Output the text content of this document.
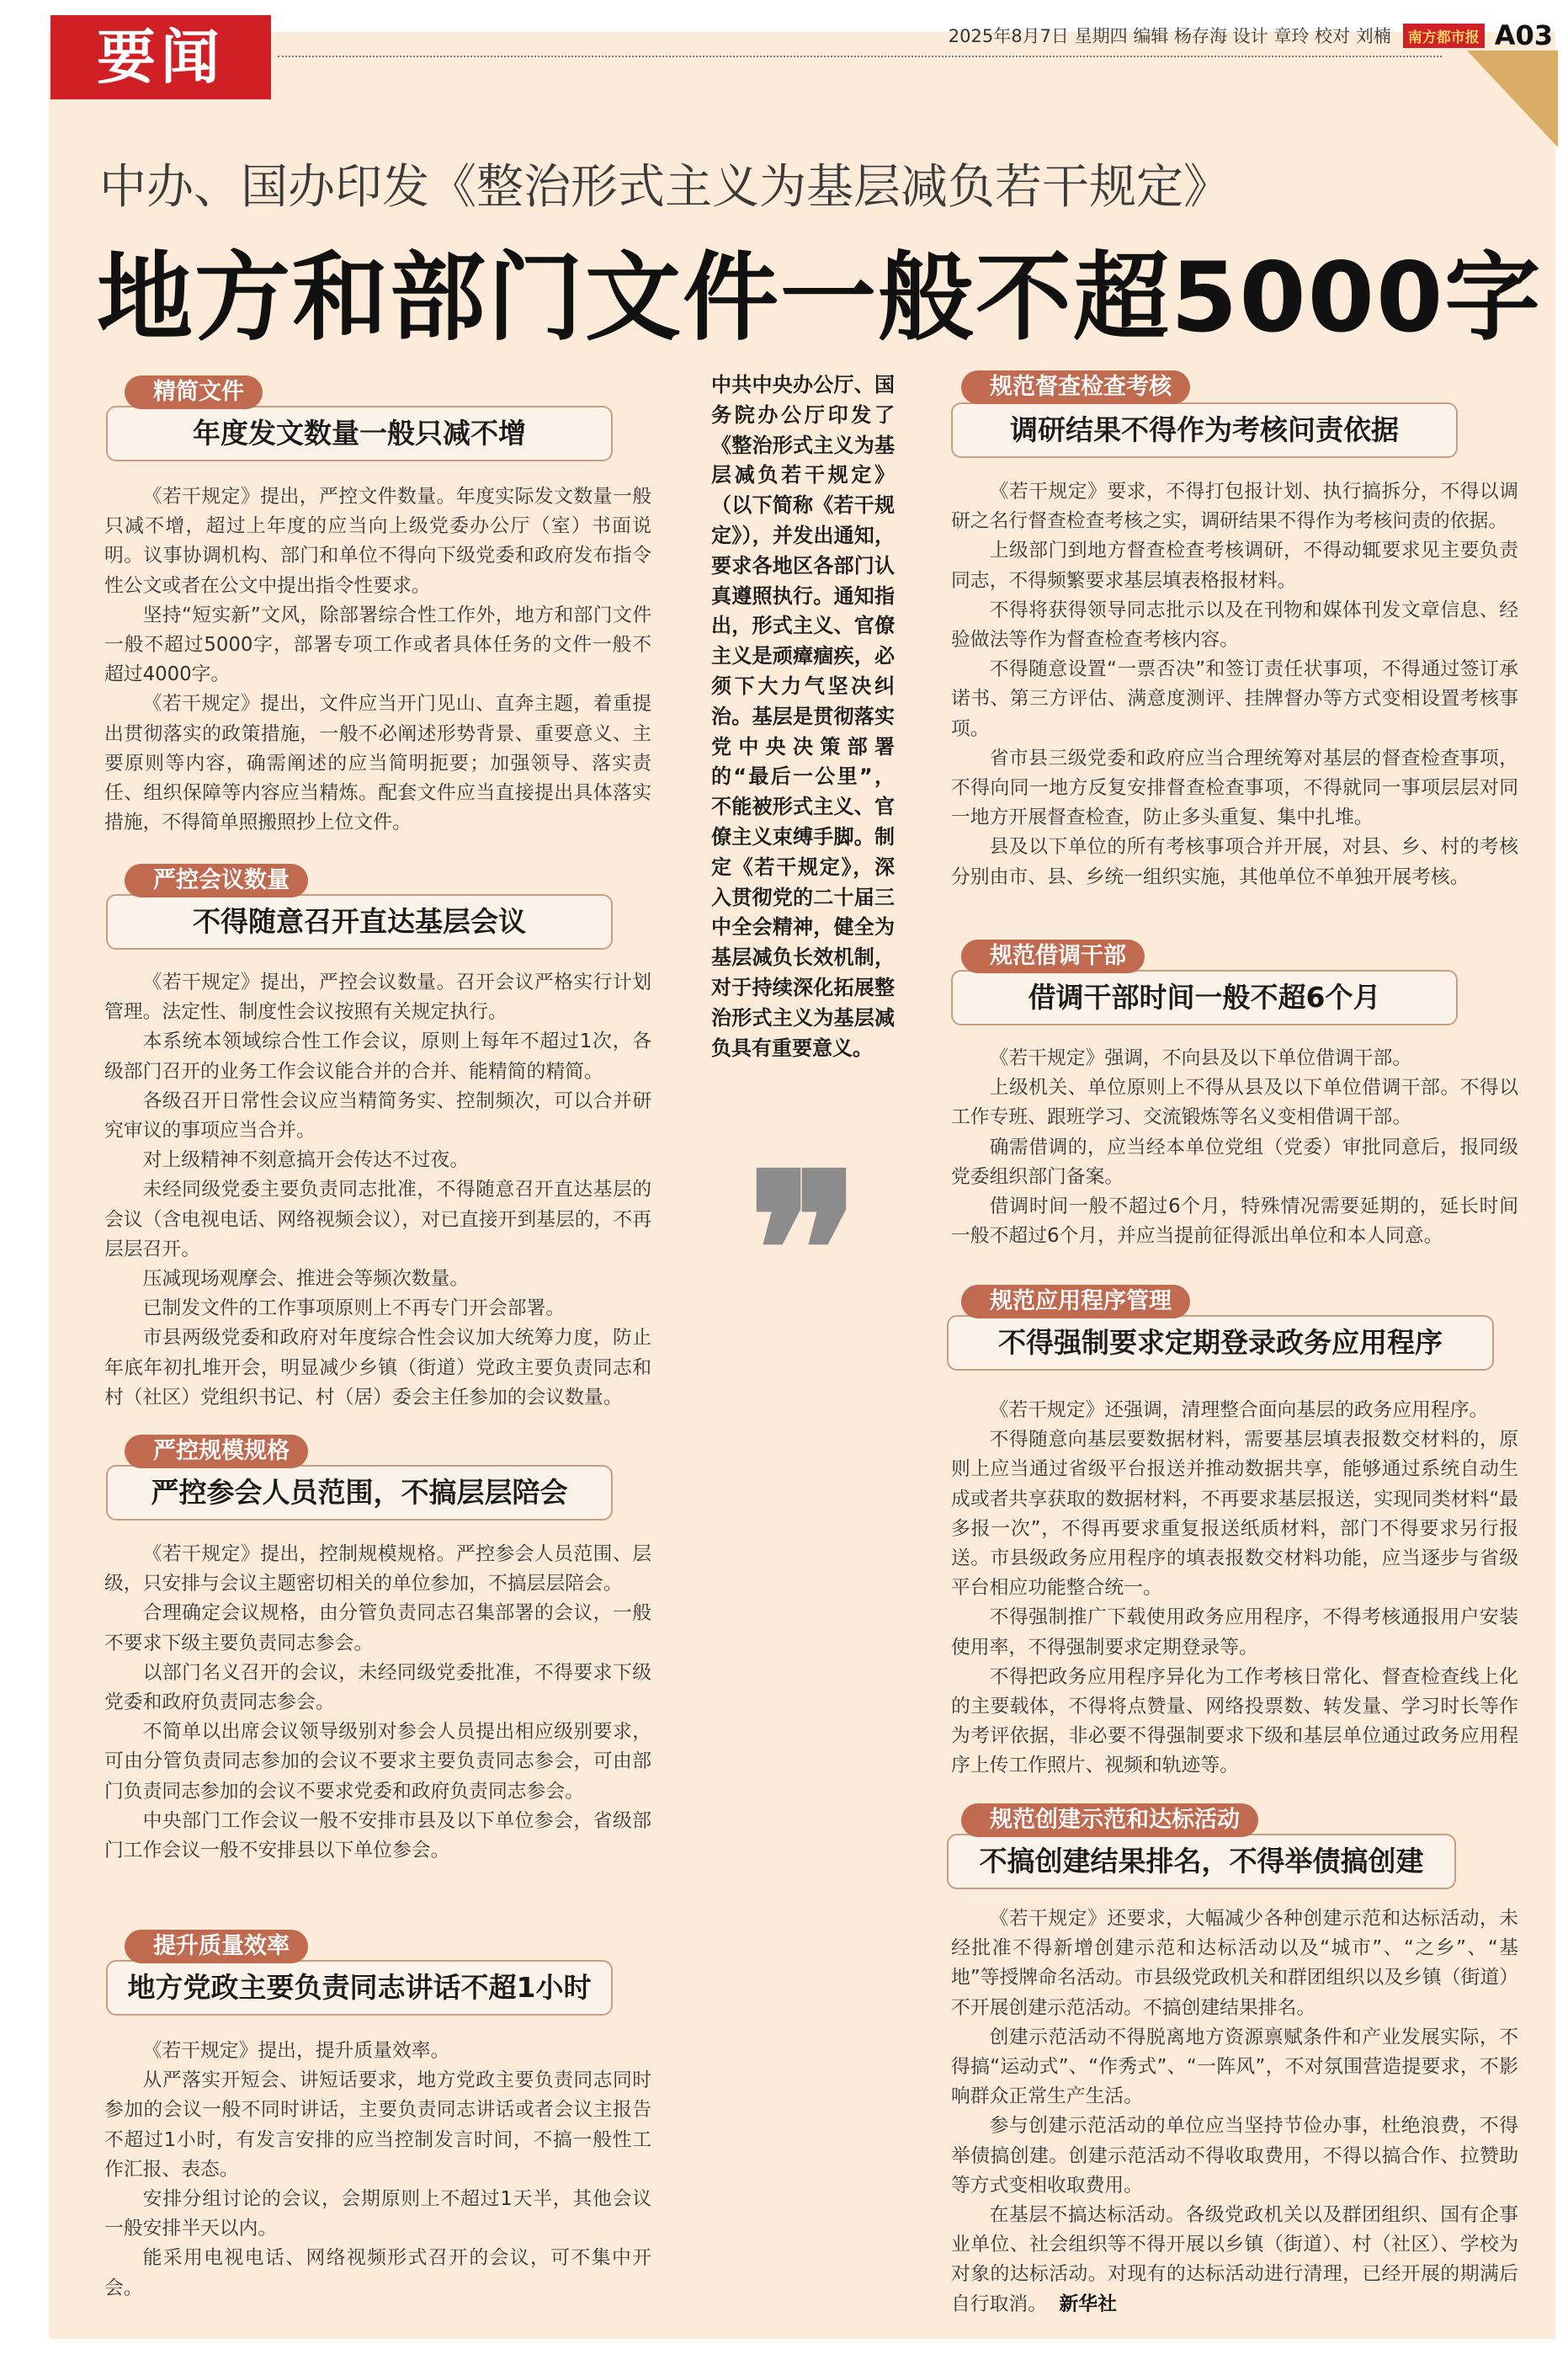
要闻	2025年8月7日
星期四
编辑 杨存海 设计 章玲 校对 刘楠	南方都市报 A03
中办、国办印发《整治形式主义为基层减负若干规定》
地方和部门文件一般不超5000字
精简文件
年度发文数量一般只减不增

《若干规定》提出，严控文件数量。年度实际发文数量一般只减不增，超过上年度的应当向上级党委办公厅（室）书面说明。议事协调机构、部门和单位不得向下级党委和政府发布指令性公文或者在公文中提出指令性要求。

坚持“短实新”文风，除部署综合性工作外，地方和部门文件一般不超过5000字，部署专项工作或者具体任务的文件一般不超过4000字。

《若干规定》提出，文件应当开门见山、直奔主题，着重提出贯彻落实的政策措施，一般不必阐述形势背景、重要意义、主要原则等内容，确需阐述的应当简明扼要；加强领导、落实责任、组织保障等内容应当精炼。配套文件应当直接提出具体落实措施，不得简单照搬照抄上位文件。

严控会议数量
不得随意召开直达基层会议

《若干规定》提出，严控会议数量。召开会议严格实行计划管理。法定性、制度性会议按照有关规定执行。

本系统本领域综合性工作会议，原则上每年不超过1次，各级部门召开的业务工作会议能合并的合并、能精简的精简。

各级召开日常性会议应当精简务实、控制频次，可以合并研究审议的事项应当合并。

对上级精神不刻意搞开会传达不过夜。

未经同级党委主要负责同志批准，不得随意召开直达基层的会议（含电视电话、网络视频会议），对已直接开到基层的，不再层层召开。

压减现场观摩会、推进会等频次数量。

已制发文件的工作事项原则上不再专门开会部署。

市县两级党委和政府对年度综合性会议加大统筹力度，防止年底年初扎堆开会，明显减少乡镇（街道）党政主要负责同志和村（社区）党组织书记、村（居）委会主任参加的会议数量。

严控规模规格
严控参会人员范围，不搞层层陪会

《若干规定》提出，控制规模规格。严控参会人员范围、层级，只安排与会议主题密切相关的单位参加，不搞层层陪会。

合理确定会议规格，由分管负责同志召集部署的会议，一般不要求下级主要负责同志参会。

以部门名义召开的会议，未经同级党委批准，不得要求下级党委和政府负责同志参会。

不简单以出席会议领导级别对参会人员提出相应级别要求，可由分管负责同志参加的会议不要求主要负责同志参会，可由部门负责同志参加的会议不要求党委和政府负责同志参会。

中央部门工作会议一般不安排市县及以下单位参会，省级部门工作会议一般不安排县以下单位参会。

提升质量效率
地方党政主要负责同志讲话不超1小时

《若干规定》提出，提升质量效率。

从严落实开短会、讲短话要求，地方党政主要负责同志同时参加的会议一般不同时讲话，主要负责同志讲话或者会议主报告不超过1小时，有发言安排的应当控制发言时间，不搞一般性工作汇报、表态。

安排分组讨论的会议，会期原则上不超过1天半，其他会议一般安排半天以内。

能采用电视电话、网络视频形式召开的会议，可不集中开会。

中共中央办公厅、国务院办公厅印发了《整治形式主义为基层减负若干规定》（以下简称《若干规定》），并发出通知，要求各地区各部门认真遵照执行。通知指出，形式主义、官僚主义是顽瘴痼疾，必须下大力气坚决纠治。基层是贯彻落实党中央决策部署的“最后一公里”，不能被形式主义、官僚主义束缚手脚。制定《若干规定》，深入贯彻党的二十届三中全会精神，健全为基层减负长效机制，对于持续深化拓展整治形式主义为基层减负具有重要意义。
❞
规范督查检查考核
调研结果不得作为考核问责依据

《若干规定》要求，不得打包报计划、执行搞拆分，不得以调研之名行督查检查考核之实，调研结果不得作为考核问责的依据。

上级部门到地方督查检查考核调研，不得动辄要求见主要负责同志，不得频繁要求基层填表格报材料。

不得将获得领导同志批示以及在刊物和媒体刊发文章信息、经验做法等作为督查检查考核内容。

不得随意设置“一票否决”和签订责任状事项，不得通过签订承诺书、第三方评估、满意度测评、挂牌督办等方式变相设置考核事项。

省市县三级党委和政府应当合理统筹对基层的督查检查事项，不得向同一地方反复安排督查检查事项，不得就同一事项层层对同一地方开展督查检查，防止多头重复、集中扎堆。

县及以下单位的所有考核事项合并开展，对县、乡、村的考核分别由市、县、乡统一组织实施，其他单位不单独开展考核。

规范借调干部
借调干部时间一般不超6个月

《若干规定》强调，不向县及以下单位借调干部。

上级机关、单位原则上不得从县及以下单位借调干部。不得以工作专班、跟班学习、交流锻炼等名义变相借调干部。

确需借调的，应当经本单位党组（党委）审批同意后，报同级党委组织部门备案。

借调时间一般不超过6个月，特殊情况需要延期的，延长时间一般不超过6个月，并应当提前征得派出单位和本人同意。

规范应用程序管理
不得强制要求定期登录政务应用程序

《若干规定》还强调，清理整合面向基层的政务应用程序。

不得随意向基层要数据材料，需要基层填表报数交材料的，原则上应当通过省级平台报送并推动数据共享，能够通过系统自动生成或者共享获取的数据材料，不再要求基层报送，实现同类材料“最多报一次”，不得再要求重复报送纸质材料，部门不得要求另行报送。市县级政务应用程序的填表报数交材料功能，应当逐步与省级平台相应功能整合统一。

不得强制推广下载使用政务应用程序，不得考核通报用户安装使用率，不得强制要求定期登录等。

不得把政务应用程序异化为工作考核日常化、督查检查线上化的主要载体，不得将点赞量、网络投票数、转发量、学习时长等作为考评依据，非必要不得强制要求下级和基层单位通过政务应用程序上传工作照片、视频和轨迹等。

规范创建示范和达标活动
不搞创建结果排名，不得举债搞创建

《若干规定》还要求，大幅减少各种创建示范和达标活动，未经批准不得新增创建示范和达标活动以及“城市”、“之乡”、“基地”等授牌命名活动。市县级党政机关和群团组织以及乡镇（街道）不开展创建示范活动。不搞创建结果排名。

创建示范活动不得脱离地方资源禀赋条件和产业发展实际，不得搞“运动式”、“作秀式”、“一阵风”，不对氛围营造提要求，不影响群众正常生产生活。

参与创建示范活动的单位应当坚持节俭办事，杜绝浪费，不得举债搞创建。创建示范活动不得收取费用，不得以搞合作、拉赞助等方式变相收取费用。

在基层不搞达标活动。各级党政机关以及群团组织、国有企事业单位、社会组织等不得开展以乡镇（街道）、村（社区）、学校为对象的达标活动。对现有的达标活动进行清理，已经开展的期满后自行取消。 新华社
